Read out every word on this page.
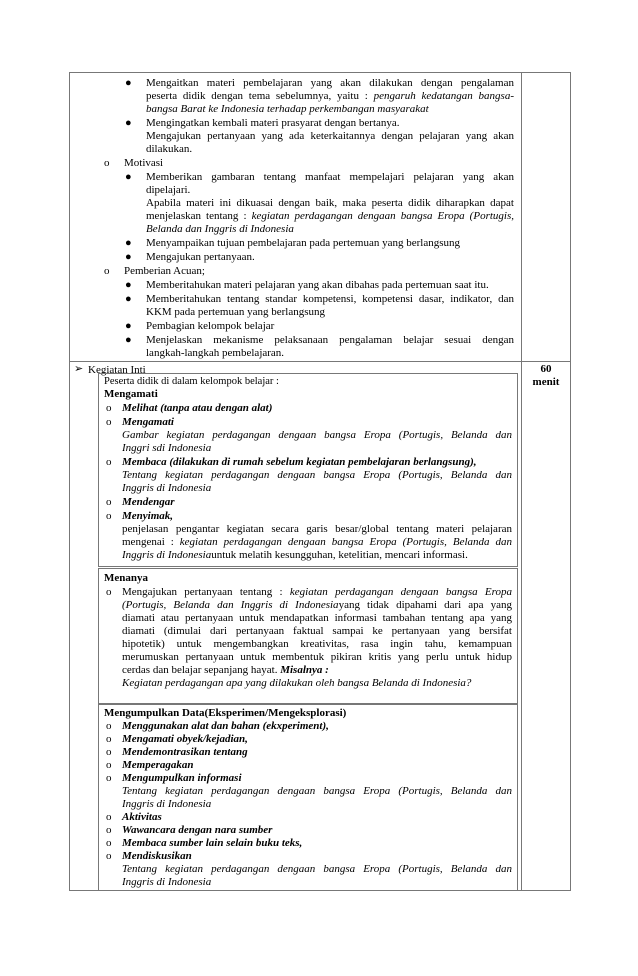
● Mengaitkan materi pembelajaran yang akan dilakukan dengan pengalaman
peserta didik dengan tema sebelumnya, yaitu : pengaruh kedatangan bangsa-
bangsa Barat ke Indonesia terhadap perkembangan masyarakat
● Mengingatkan kembali materi prasyarat dengan bertanya.
Mengajukan pertanyaan yang ada keterkaitannya dengan pelajaran yang akan
dilakukan.
o Motivasi
● Memberikan gambaran tentang manfaat mempelajari pelajaran yang akan
dipelajari.
Apabila materi ini dikuasai dengan baik, maka peserta didik diharapkan dapat
menjelaskan tentang : kegiatan perdagangan dengaan bangsa Eropa (Portugis,
Belanda dan Inggris di Indonesia
● Menyampaikan tujuan pembelajaran pada pertemuan yang berlangsung
● Mengajukan pertanyaan.
o Pemberian Acuan;
● Memberitahukan materi pelajaran yang akan dibahas pada pertemuan saat itu.
● Memberitahukan tentang standar kompetensi, kompetensi dasar, indikator, dan
KKM pada pertemuan yang berlangsung
● Pembagian kelompok belajar
● Menjelaskan mekanisme pelaksanaan pengalaman belajar sesuai dengan
langkah-langkah pembelajaran.
➢ Kegiatan Inti	60
menit
Peserta didik di dalam kelompok belajar :
Mengamati
o Melihat (tanpa atau dengan alat)
o Mengamati
Gambar kegiatan perdagangan dengaan bangsa Eropa (Portugis, Belanda dan
Inggri sdi Indonesia
o Membaca (dilakukan di rumah sebelum kegiatan pembelajaran berlangsung),
Tentang kegiatan perdagangan dengaan bangsa Eropa (Portugis, Belanda dan
Inggris di Indonesia
o Mendengar
o Menyimak,
penjelasan pengantar kegiatan secara garis besar/global tentang materi pelajaran
mengenai : kegiatan perdagangan dengaan bangsa Eropa (Portugis, Belanda dan
Inggris di Indonesiauntuk melatih kesungguhan, ketelitian, mencari informasi.
Menanya
o Mengajukan pertanyaan tentang : kegiatan perdagangan dengaan bangsa Eropa
(Portugis, Belanda dan Inggris di Indonesiayang tidak dipahami dari apa yang
diamati atau pertanyaan untuk mendapatkan informasi tambahan tentang apa yang
diamati (dimulai dari pertanyaan faktual sampai ke pertanyaan yang bersifat
hipotetik) untuk mengembangkan kreativitas, rasa ingin tahu, kemampuan
merumuskan pertanyaan untuk membentuk pikiran kritis yang perlu untuk hidup
cerdas dan belajar sepanjang hayat. Misalnya :
Kegiatan perdagangan apa yang dilakukan oleh bangsa Belanda di Indonesia?
Mengumpulkan Data(Eksperimen/Mengeksplorasi)
o Menggunakan alat dan bahan (ekxperiment),
o Mengamati obyek/kejadian,
o Mendemontrasikan tentang
o Memperagakan
o Mengumpulkan informasi
Tentang kegiatan perdagangan dengaan bangsa Eropa (Portugis, Belanda dan
Inggris di Indonesia
o Aktivitas
o Wawancara dengan nara sumber
o Membaca sumber lain selain buku teks,
o Mendiskusikan
Tentang kegiatan perdagangan dengaan bangsa Eropa (Portugis, Belanda dan
Inggris di Indonesia
